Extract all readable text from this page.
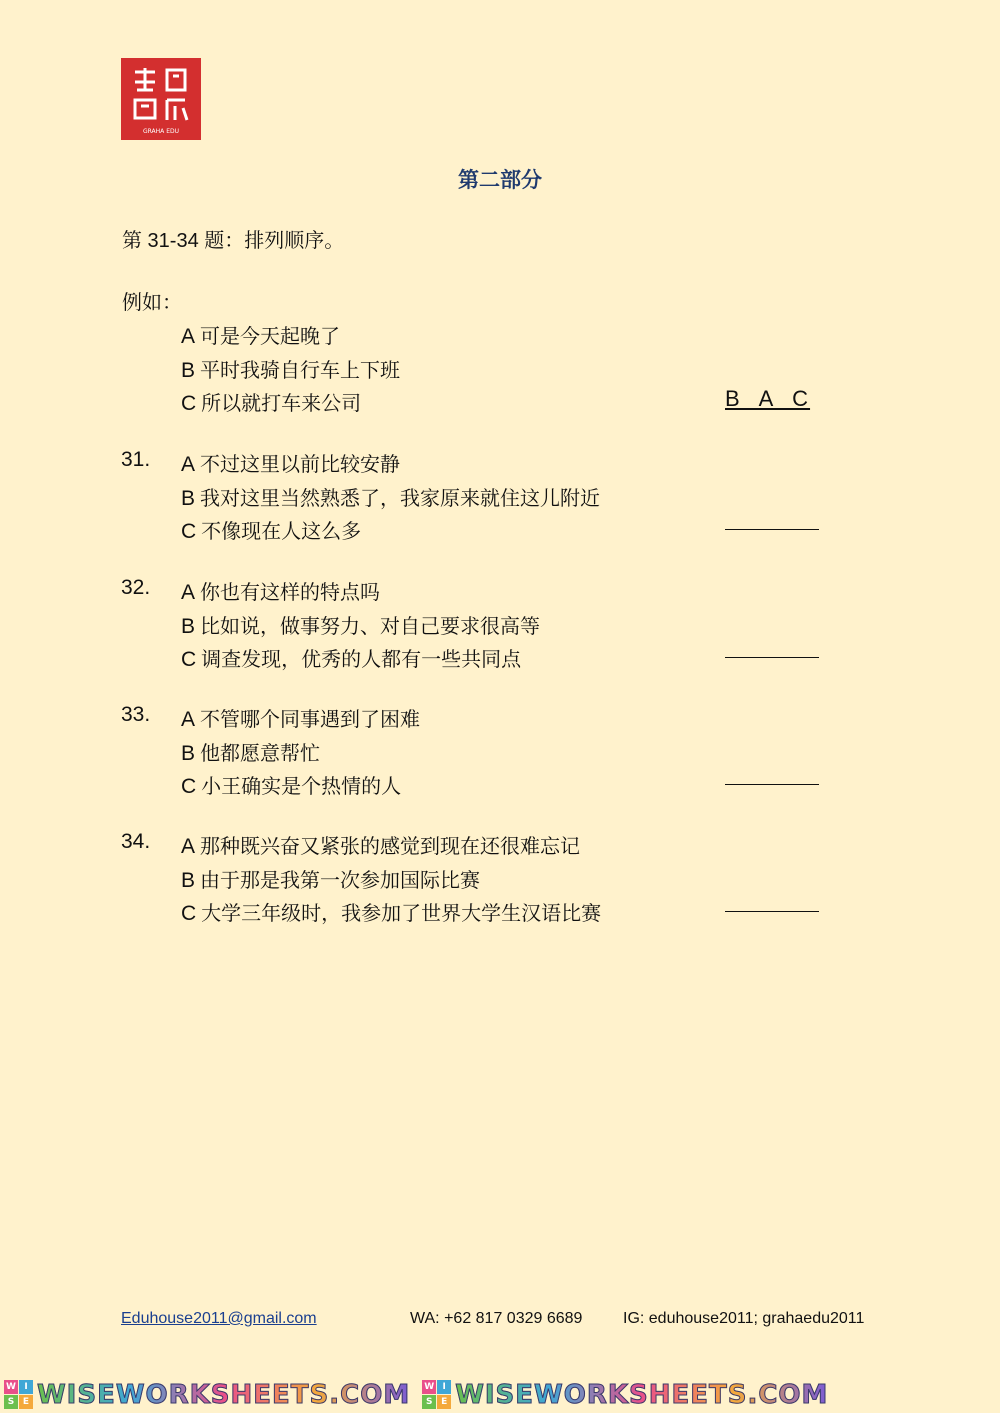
GRAHA EDU
第二部分
第 31-34 题：排列顺序。
例如：
A 可是今天起晚了
B 平时我骑自行车上下班
C 所以就打车来公司	B A C
31. A 不过这里以前比较安静
B 我对这里当然熟悉了，我家原来就住这儿附近
C 不像现在人这么多
32. A 你也有这样的特点吗
B 比如说，做事努力、对自己要求很高等
C 调查发现，优秀的人都有一些共同点
33. A 不管哪个同事遇到了困难
B 他都愿意帮忙
C 小王确实是个热情的人
34. A 那种既兴奋又紧张的感觉到现在还很难忘记
B 由于那是我第一次参加国际比赛
C 大学三年级时，我参加了世界大学生汉语比赛
Eduhouse2011@gmail.com	WA: +62 817 0329 6689	IG: eduhouse2011; grahaedu2011
W I
S E WISEWORKSHEETS.COM W I
S E WISEWORKSHEETS.COM
